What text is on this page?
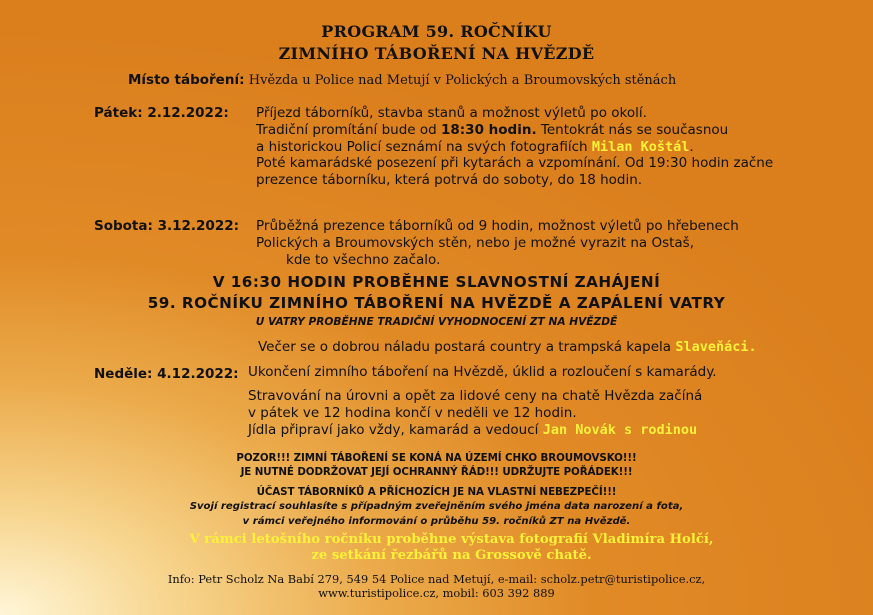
PROGRAM 59. ROČNÍKU
ZIMNÍHO TÁBOŘENÍ NA HVĚZDĚ
Místo táboření: Hvězda u Police nad Metují v Polických a Broumovských stěnách
Pátek: 2.12.2022: Příjezd táborníků, stavba stanů a možnost výletů po okolí.
Tradiční promítání bude od 18:30 hodin. Tentokrát nás se současnou
a historickou Policí seznámí na svých fotografiích Milan Koštál.
Poté kamarádské posezení při kytarách a vzpomínání. Od 19:30 hodin začne
prezence táborníku, která potrvá do soboty, do 18 hodin.
Sobota: 3.12.2022: Průběžná prezence táborníků od 9 hodin, možnost výletů po hřebenech
Polických a Broumovských stěn, nebo je možné vyrazit na Ostaš,
kde to všechno začalo.
V 16:30 HODIN PROBĚHNE SLAVNOSTNÍ ZAHÁJENÍ
59. ROČNÍKU ZIMNÍHO TÁBOŘENÍ NA HVĚZDĚ A ZAPÁLENÍ VATRY
U VATRY PROBĚHNE TRADIČNÍ VYHODNOCENÍ ZT NA HVĚZDĚ
Večer se o dobrou náladu postará country a trampská kapela Slaveňáci.
Neděle: 4.12.2022: Ukončení zimního táboření na Hvězdě, úklid a rozloučení s kamarády.
Stravování na úrovni a opět za lidové ceny na chatě Hvězda začíná
v pátek ve 12 hodina končí v neděli ve 12 hodin.
Jídla připraví jako vždy, kamarád a vedoucí Jan Novák s rodinou
POZOR!!! ZIMNÍ TÁBOŘENÍ SE KONÁ NA ÚZEMÍ CHKO BROUMOVSKO!!!
JE NUTNÉ DODRŽOVAT JEJÍ OCHRANNÝ ŘÁD!!! UDRŽUJTE POŘÁDEK!!!
ÚČAST TÁBORNÍKŮ A PŘÍCHOZÍCH JE NA VLASTNÍ NEBEZPEČÍ!!!
Svojí registrací souhlasíte s případným zveřejněním svého jména data narození a fota,
v rámci veřejného informování o průběhu 59. ročníků ZT na Hvězdě.
V rámci letošního ročníku proběhne výstava fotografií Vladimíra Holčí,
ze setkání řezbářů na Grossově chatě.
Info: Petr Scholz Na Babí 279, 549 54 Police nad Metují, e-mail: scholz.petr@turistipolice.cz,
www.turistipolice.cz, mobil: 603 392 889
